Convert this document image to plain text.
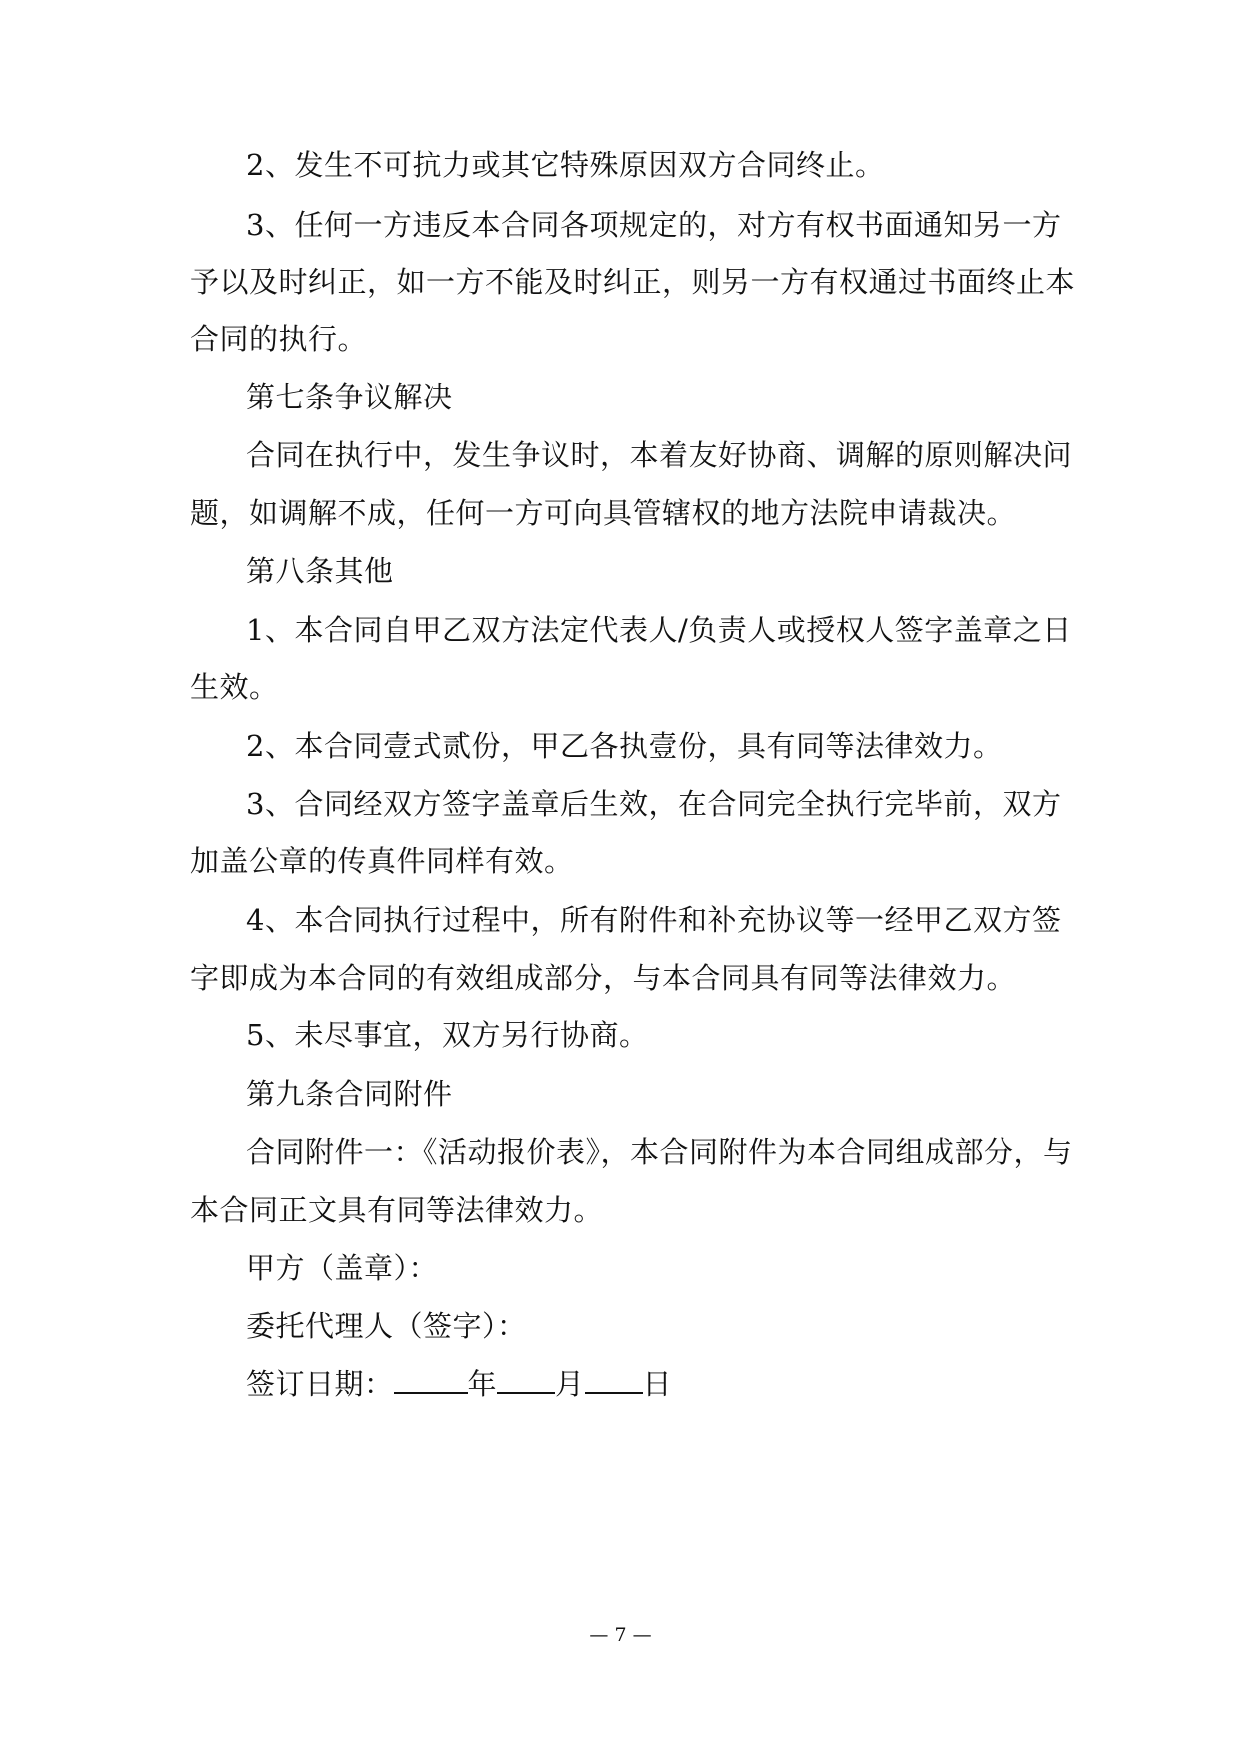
2、发生不可抗力或其它特殊原因双方合同终止。
3、任何一方违反本合同各项规定的，对方有权书面通知另一方
予以及时纠正，如一方不能及时纠正，则另一方有权通过书面终止本
合同的执行。
第七条争议解决
合同在执行中，发生争议时，本着友好协商、调解的原则解决问
题，如调解不成，任何一方可向具管辖权的地方法院申请裁决。
第八条其他
1、本合同自甲乙双方法定代表人/负责人或授权人签字盖章之日
生效。
2、本合同壹式贰份，甲乙各执壹份，具有同等法律效力。
3、合同经双方签字盖章后生效，在合同完全执行完毕前，双方
加盖公章的传真件同样有效。
4、本合同执行过程中，所有附件和补充协议等一经甲乙双方签
字即成为本合同的有效组成部分，与本合同具有同等法律效力。
5、未尽事宜，双方另行协商。
第九条合同附件
合同附件一：《活动报价表》，本合同附件为本合同组成部分，与
本合同正文具有同等法律效力。
甲方（盖章）：
委托代理人（签字）：
签订日期：	年 月 日
— 7 —
